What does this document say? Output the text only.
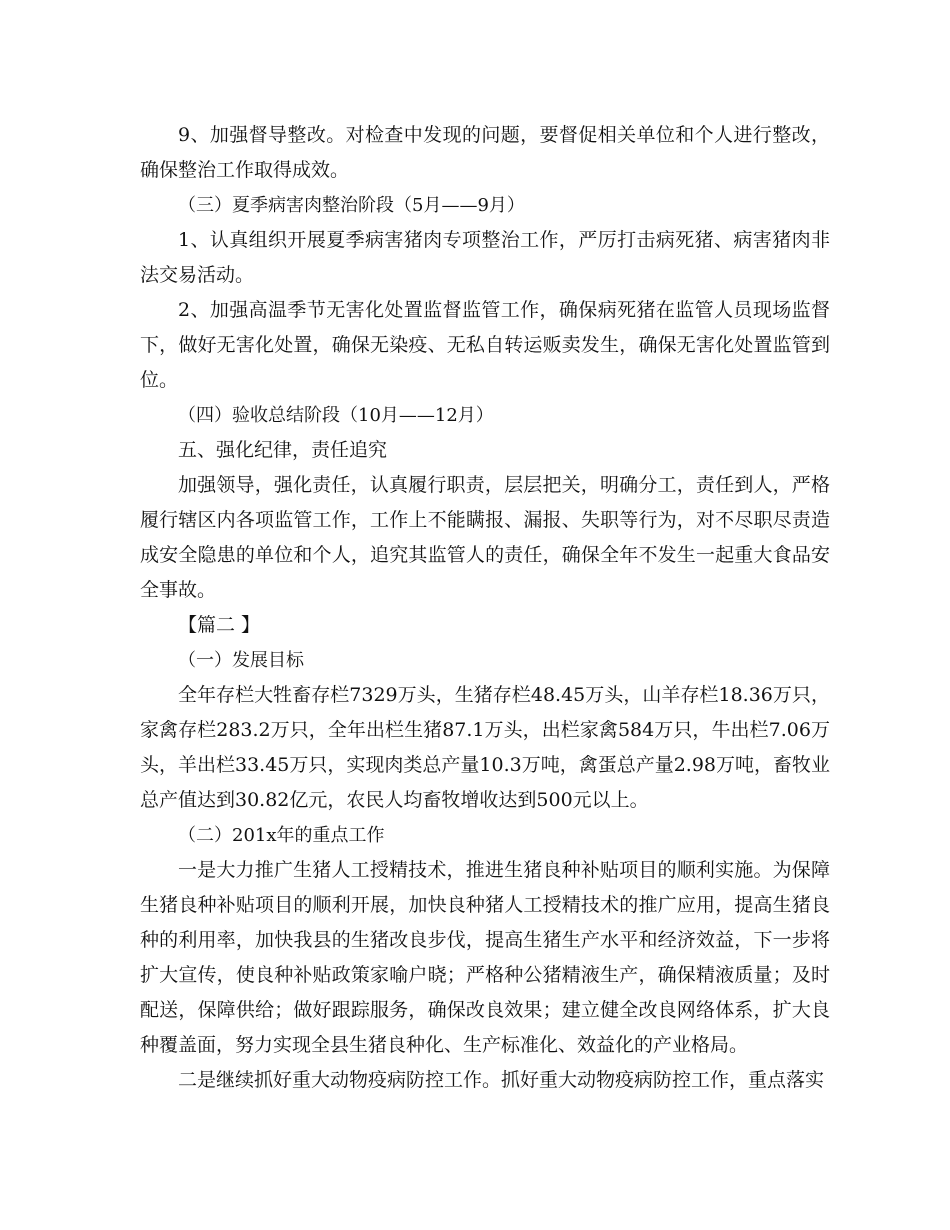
9、加强督导整改。对检查中发现的问题，要督促相关单位和个人进行整改，确保整治工作取得成效。

（三）夏季病害肉整治阶段（5月——9月）

1、认真组织开展夏季病害猪肉专项整治工作，严厉打击病死猪、病害猪肉非法交易活动。

2、加强高温季节无害化处置监督监管工作，确保病死猪在监管人员现场监督下，做好无害化处置，确保无染疫、无私自转运贩卖发生，确保无害化处置监管到位。

（四）验收总结阶段（10月——12月）

五、强化纪律，责任追究

加强领导，强化责任，认真履行职责，层层把关，明确分工，责任到人，严格履行辖区内各项监管工作，工作上不能瞒报、漏报、失职等行为，对不尽职尽责造成安全隐患的单位和个人，追究其监管人的责任，确保全年不发生一起重大食品安全事故。

【篇二 】

（一）发展目标

全年存栏大牲畜存栏7329万头，生猪存栏48.45万头，山羊存栏18.36万只，家禽存栏283.2万只，全年出栏生猪87.1万头，出栏家禽584万只，牛出栏7.06万头，羊出栏33.45万只，实现肉类总产量10.3万吨，禽蛋总产量2.98万吨，畜牧业总产值达到30.82亿元，农民人均畜牧增收达到500元以上。

（二）201x年的重点工作

一是大力推广生猪人工授精技术，推进生猪良种补贴项目的顺利实施。为保障生猪良种补贴项目的顺利开展，加快良种猪人工授精技术的推广应用，提高生猪良种的利用率，加快我县的生猪改良步伐，提高生猪生产水平和经济效益，下一步将扩大宣传，使良种补贴政策家喻户晓；严格种公猪精液生产，确保精液质量；及时配送，保障供给；做好跟踪服务，确保改良效果；建立健全改良网络体系，扩大良种覆盖面，努力实现全县生猪良种化、生产标准化、效益化的产业格局。

二是继续抓好重大动物疫病防控工作。抓好重大动物疫病防控工作，重点落实
